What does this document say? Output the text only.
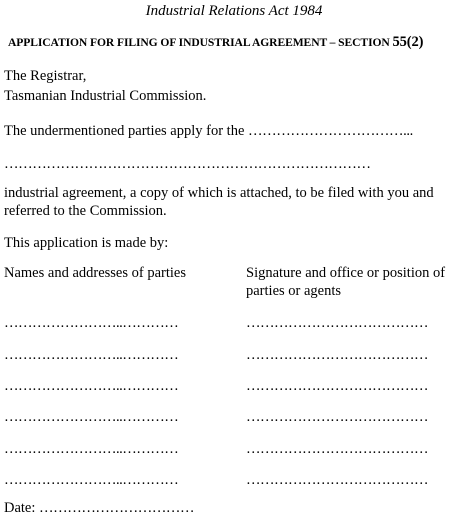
Industrial Relations Act 1984
APPLICATION FOR FILING OF INDUSTRIAL AGREEMENT – SECTION 55(2)
The Registrar,
Tasmanian Industrial Commission.
The undermentioned parties apply for the ……………………………...
……………………………………………………………………
industrial agreement, a copy of which is attached, to be filed with you and
referred to the Commission.
This application is made by:
Names and addresses of parties	Signature and office or position of
parties or agents
……………………..…………	…………………………………
……………………..…………	…………………………………
……………………..…………	…………………………………
……………………..…………	…………………………………
……………………..…………	…………………………………
……………………..…………	…………………………………
Date: ……………………………
